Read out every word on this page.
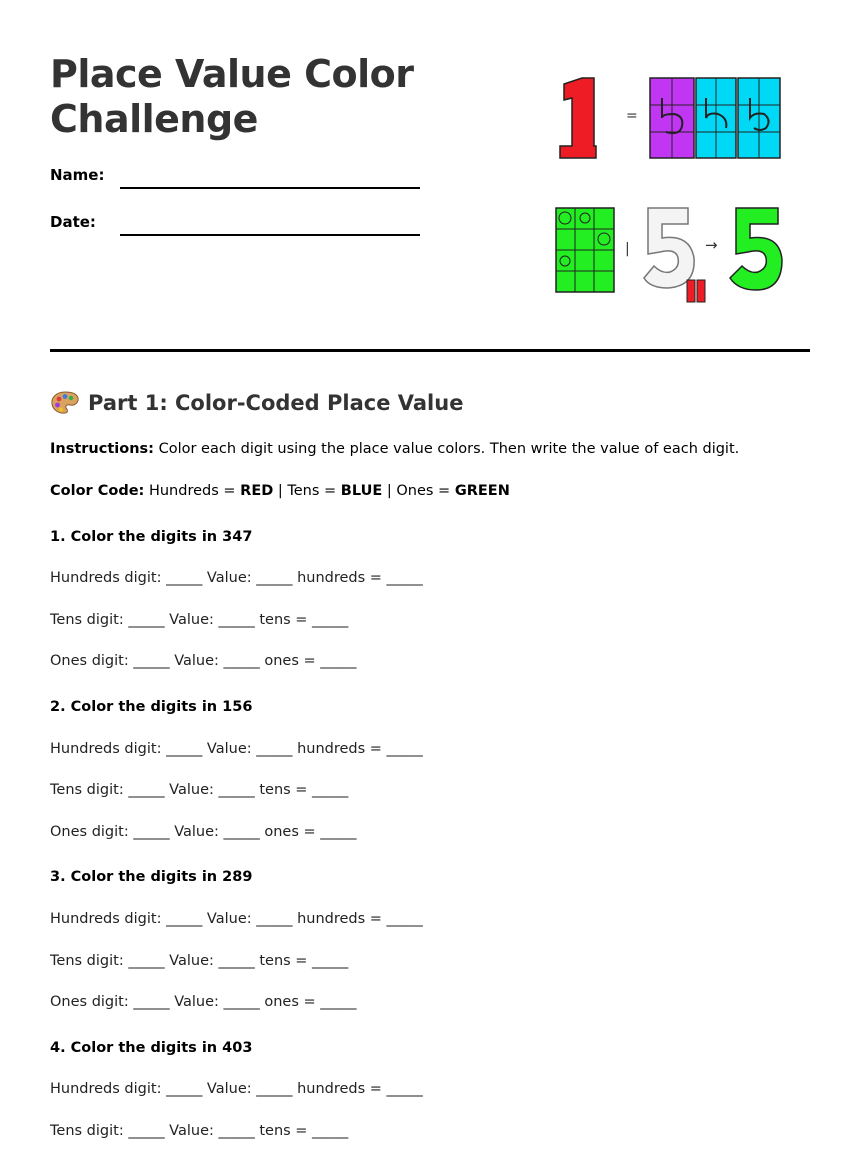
Place Value Color
Challenge
Name:
Date:
=
|	→
Part 1: Color-Coded Place Value
Instructions: Color each digit using the place value colors. Then write the value of each digit.
Color Code: Hundreds = RED | Tens = BLUE | Ones = GREEN
1. Color the digits in 347
Hundreds digit: _____ Value: _____ hundreds = _____
Tens digit: _____ Value: _____ tens = _____
Ones digit: _____ Value: _____ ones = _____
2. Color the digits in 156
Hundreds digit: _____ Value: _____ hundreds = _____
Tens digit: _____ Value: _____ tens = _____
Ones digit: _____ Value: _____ ones = _____
3. Color the digits in 289
Hundreds digit: _____ Value: _____ hundreds = _____
Tens digit: _____ Value: _____ tens = _____
Ones digit: _____ Value: _____ ones = _____
4. Color the digits in 403
Hundreds digit: _____ Value: _____ hundreds = _____
Tens digit: _____ Value: _____ tens = _____
